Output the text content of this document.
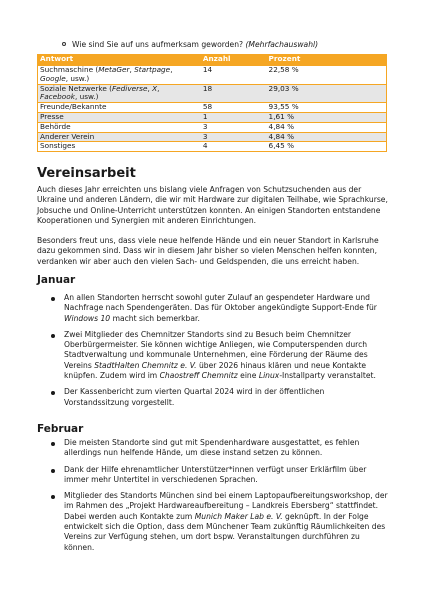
Wie sind Sie auf uns aufmerksam geworden? (Mehrfachauswahl)
Antwort	Anzahl	Prozent
Suchmaschine (MetaGer, Startpage, Google, usw.)	14	22,58 %
Soziale Netzwerke (Fediverse, X, Facebook, usw.)	18	29,03 %
Freunde/Bekannte	58	93,55 %
Presse	1	1,61 %
Behörde	3	4,84 %
Anderer Verein	3	4,84 %
Sonstiges	4	6,45 %
Vereinsarbeit

Auch dieses Jahr erreichten uns bislang viele Anfragen von Schutzsuchenden aus der Ukraine und anderen Ländern, die wir mit Hardware zur digitalen Teilhabe, wie Sprachkurse, Jobsuche und Online-Unterricht unterstützen konnten. An einigen Standorten entstandene Kooperationen und Synergien mit anderen Einrichtungen.

Besonders freut uns, dass viele neue helfende Hände und ein neuer Standort in Karlsruhe dazu gekommen sind. Dass wir in diesem Jahr bisher so vielen Menschen helfen konnten, verdanken wir aber auch den vielen Sach- und Geldspenden, die uns erreicht haben.

Januar
An allen Standorten herrscht sowohl guter Zulauf an gespendeter Hardware und Nachfrage nach Spendengeräten. Das für Oktober angekündigte Support-Ende für Windows 10 macht sich bemerkbar.
Zwei Mitglieder des Chemnitzer Standorts sind zu Besuch beim Chemnitzer Oberbürgermeister. Sie können wichtige Anliegen, wie Computerspenden durch Stadtverwaltung und kommunale Unternehmen, eine Förderung der Räume des Vereins StadtHalten Chemnitz e. V. über 2026 hinaus klären und neue Kontakte knüpfen. Zudem wird im Chaostreff Chemnitz eine Linux-Installparty veranstaltet.
Der Kassenbericht zum vierten Quartal 2024 wird in der öffentlichen Vorstandssitzung vorgestellt.
Februar
Die meisten Standorte sind gut mit Spendenhardware ausgestattet, es fehlen allerdings nun helfende Hände, um diese instand setzen zu können.
Dank der Hilfe ehrenamtlicher Unterstützer*innen verfügt unser Erklärfilm über immer mehr Untertitel in verschiedenen Sprachen.
Mitglieder des Standorts München sind bei einem Laptopaufbereitungsworkshop, der im Rahmen des „Projekt Hardwareaufbereitung – Landkreis Ebersberg“ stattfindet. Dabei werden auch Kontakte zum Munich Maker Lab e. V. geknüpft. In der Folge entwickelt sich die Option, dass dem Münchener Team zukünftig Räumlichkeiten des Vereins zur Verfügung stehen, um dort bspw. Veranstaltungen durchführen zu können.
